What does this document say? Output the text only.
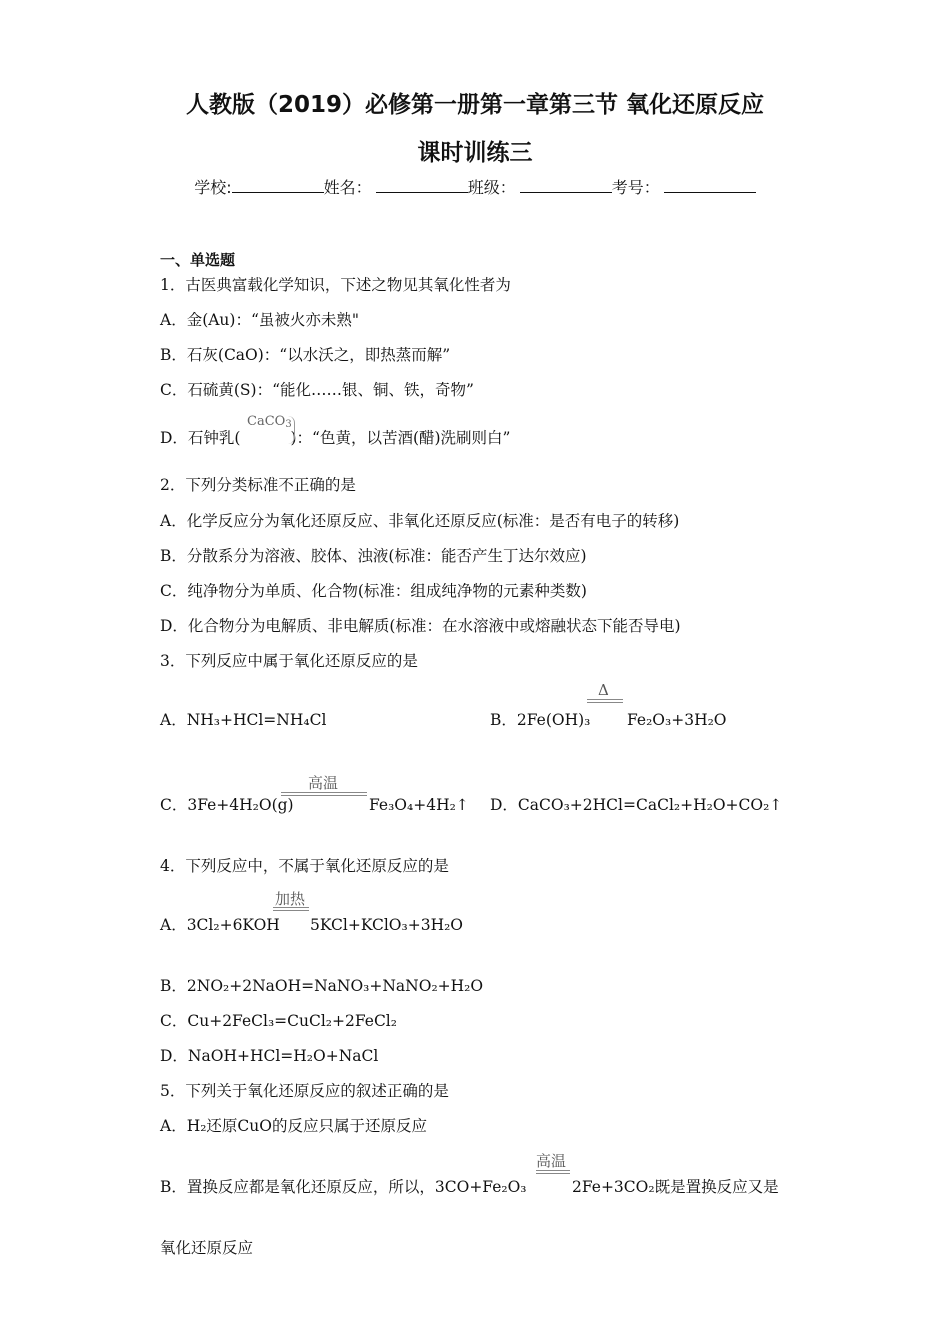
人教版（2019）必修第一册第一章第三节 氧化还原反应
课时训练三
学校:	姓名：	班级：	考号：
一、单选题
1．古医典富载化学知识，下述之物见其氧化性者为
A．金(Au)：“虽被火亦未熟"
B．石灰(CaO)：“以水沃之，即热蒸而解”
C．石硫黄(S)：“能化……银、铜、铁，奇物”
D．石钟乳(	)：“色黄，以苦酒(醋)洗刷则白”
CaCO$_3$
2．下列分类标准不正确的是
A．化学反应分为氧化还原反应、非氧化还原反应(标准：是否有电子的转移)
B．分散系分为溶液、胶体、浊液(标准：能否产生丁达尔效应)
C．纯净物分为单质、化合物(标准：组成纯净物的元素种类数)
D．化合物分为电解质、非电解质(标准：在水溶液中或熔融状态下能否导电)
3．下列反应中属于氧化还原反应的是
A．NH₃+HCl=NH₄Cl	B．2Fe(OH)₃
Δ
Fe₂O₃+3H₂O
C．3Fe+4H₂O(g)
高温
Fe₃O₄+4H₂↑ D．CaCO₃+2HCl=CaCl₂+H₂O+CO₂↑
4．下列反应中，不属于氧化还原反应的是
A．3Cl₂+6KOH
加热
5KCl+KClO₃+3H₂O
B．2NO₂+2NaOH=NaNO₃+NaNO₂+H₂O
C．Cu+2FeCl₃=CuCl₂+2FeCl₂
D．NaOH+HCl=H₂O+NaCl
5．下列关于氧化还原反应的叙述正确的是
A．H₂还原CuO的反应只属于还原反应
B．置换反应都是氧化还原反应，所以，3CO+Fe₂O₃
高温
2Fe+3CO₂既是置换反应又是
氧化还原反应
